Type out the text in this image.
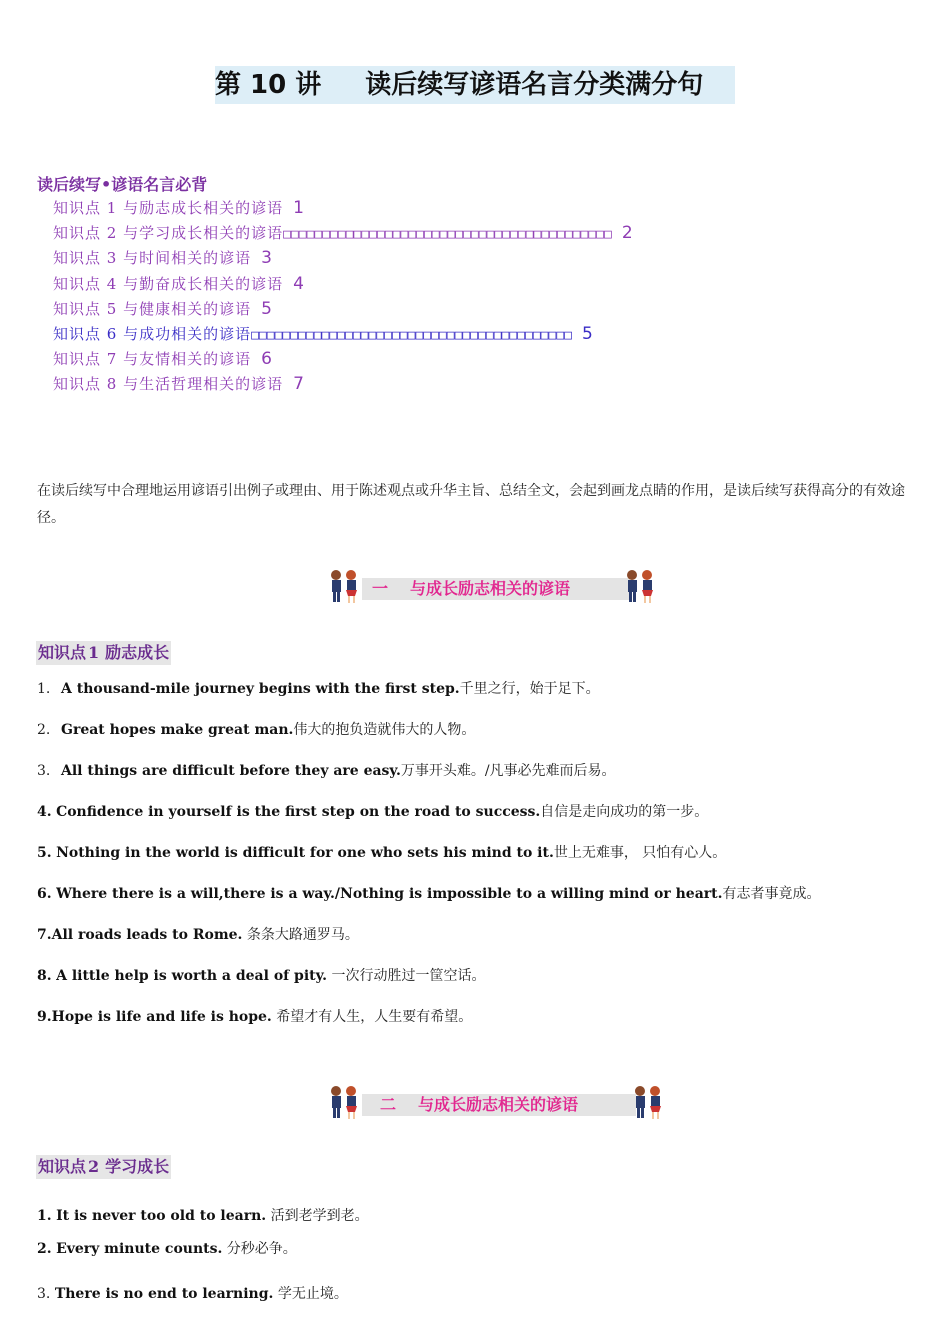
第 10 讲 读后续写谚语名言分类满分句
读后续写•谚语名言必背
知识点 1 与励志成长相关的谚语 1
知识点 2 与学习成长相关的谚语□□□□□□□□□□□□□□□□□□□□□□□□□□□□□□□□□□□□□□□□□□ 2
知识点 3 与时间相关的谚语 3
知识点 4 与勤奋成长相关的谚语 4
知识点 5 与健康相关的谚语 5
知识点 6 与成功相关的谚语□□□□□□□□□□□□□□□□□□□□□□□□□□□□□□□□□□□□□□□□□ 5
知识点 7 与友情相关的谚语 6
知识点 8 与生活哲理相关的谚语 7
在读后续写中合理地运用谚语引出例子或理由、用于陈述观点或升华主旨、总结全文，会起到画龙点睛的作用，是读后续写获得高分的有效途径。
一 与成长励志相关的谚语
知识点 1 励志成长
1. A thousand-mile journey begins with the first step.千里之行，始于足下。
2. Great hopes make great man.伟大的抱负造就伟大的人物。
3. All things are difficult before they are easy.万事开头难。/凡事必先难而后易。
4. Confidence in yourself is the first step on the road to success.自信是走向成功的第一步。
5. Nothing in the world is difficult for one who sets his mind to it.世上无难事， 只怕有心人。
6. Where there is a will,there is a way./Nothing is impossible to a willing mind or heart.有志者事竟成。
7.All roads leads to Rome. 条条大路通罗马。
8. A little help is worth a deal of pity. 一次行动胜过一筐空话。
9.Hope is life and life is hope. 希望才有人生，人生要有希望。
二 与成长励志相关的谚语
知识点 2 学习成长
1. It is never too old to learn. 活到老学到老。
2. Every minute counts. 分秒必争。
3. There is no end to learning. 学无止境。
